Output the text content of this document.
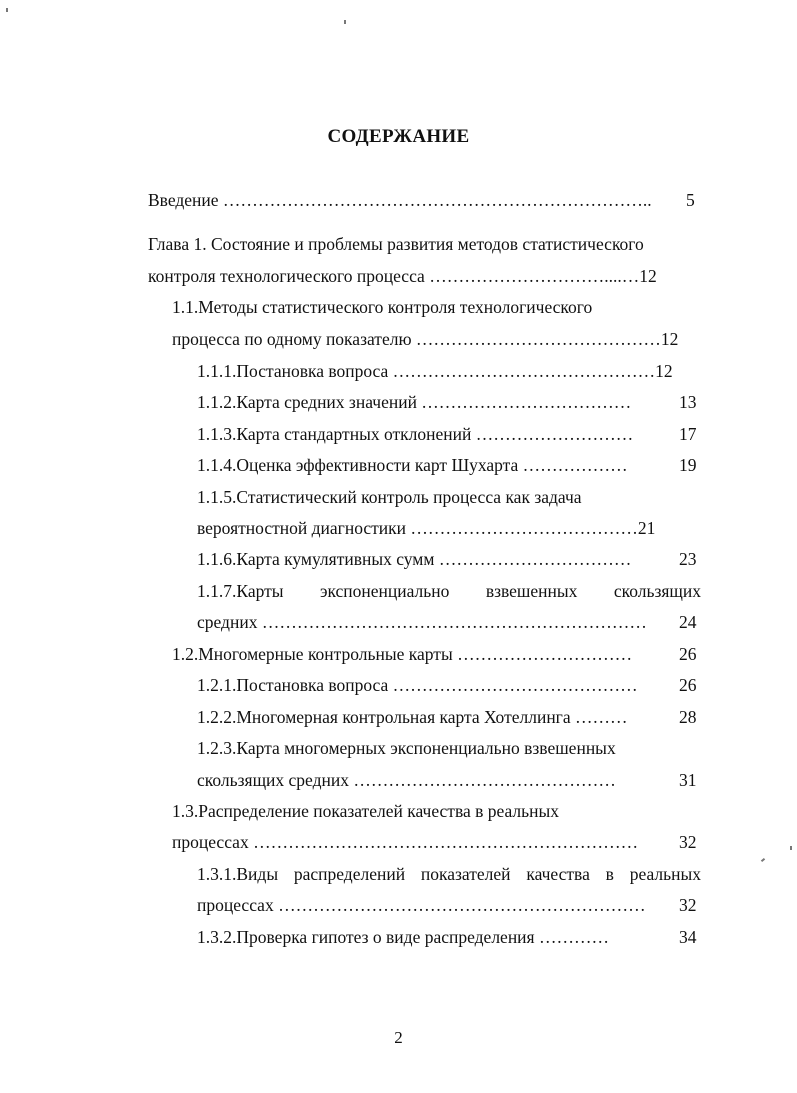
СОДЕРЖАНИЕ
Введение ……………………………………………………………….. 5
Глава 1. Состояние и проблемы развития методов статистического
контроля технологического процесса …………………………....…12
1.1.Методы статистического контроля технологического
процесса по одному показателю ……………………………………12
1.1.1.Постановка вопроса ………………………………………12
1.1.2.Карта средних значений ………………………………	13
1.1.3.Карта стандартных отклонений ………………………	17
1.1.4.Оценка эффективности карт Шухарта ………………	19
1.1.5.Статистический контроль процесса как задача
вероятностной диагностики …………………………………21
1.1.6.Карта кумулятивных сумм ……………………………	23
1.1.7.Карты экспоненциально взвешенных скользящих
средних ………………………………………………………… 24
1.2.Многомерные контрольные карты …………………………	26
1.2.1.Постановка вопроса …………………………………… 26
1.2.2.Многомерная контрольная карта Хотеллинга ………	28
1.2.3.Карта многомерных экспоненциально взвешенных
скользящих средних ………………………………………	31
1.3.Распределение показателей качества в реальных
процессах ………………………………………………………… 32
1.3.1.Виды распределений показателей качества в реальных
процессах ……………………………………………………… 32
1.3.2.Проверка гипотез о виде распределения …………	34
2
